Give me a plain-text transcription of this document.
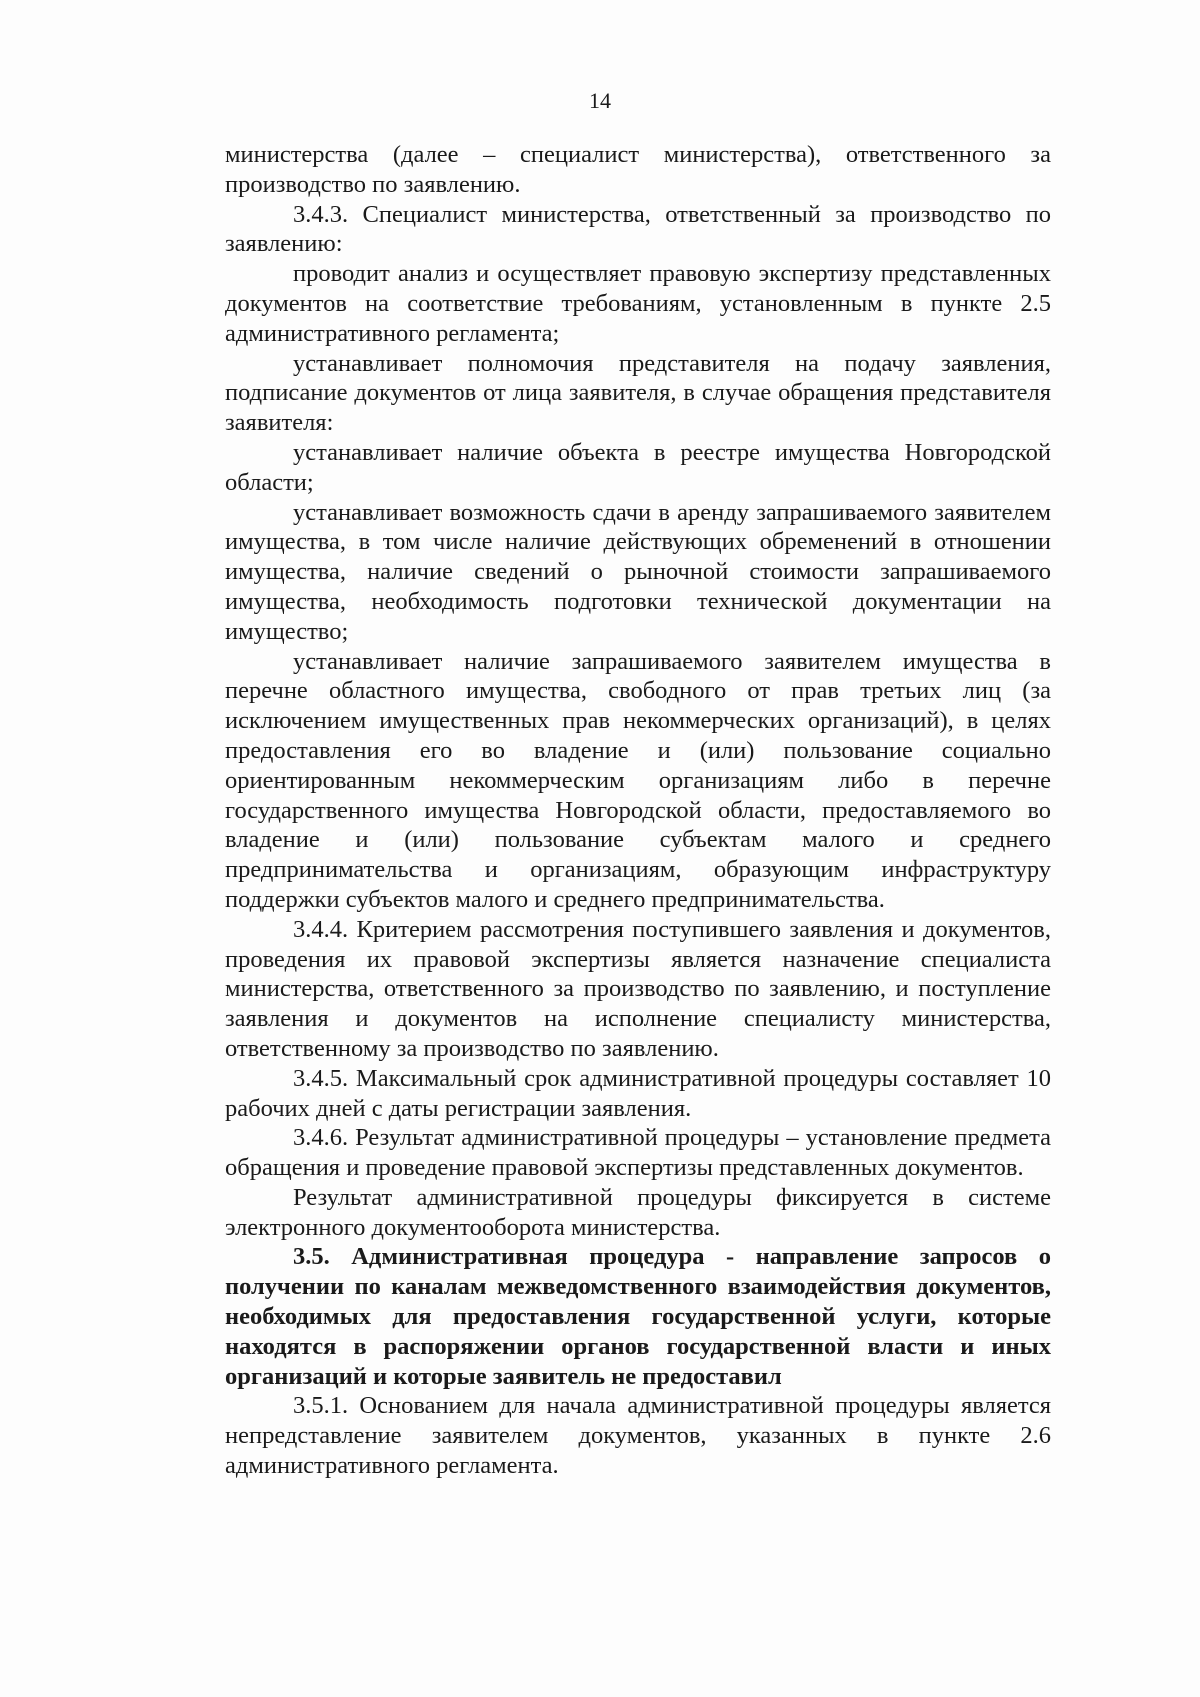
14

министерства (далее – специалист министерства), ответственного за производство по заявлению.

3.4.3. Специалист министерства, ответственный за производство по заявлению:

проводит анализ и осуществляет правовую экспертизу представленных документов на соответствие требованиям, установленным в пункте 2.5 административного регламента;

устанавливает полномочия представителя на подачу заявления, подписание документов от лица заявителя, в случае обращения представителя заявителя:

устанавливает наличие объекта в реестре имущества Новгородской области;

устанавливает возможность сдачи в аренду запрашиваемого заявителем имущества, в том числе наличие действующих обременений в отношении имущества, наличие сведений о рыночной стоимости запрашиваемого имущества, необходимость подготовки технической документации на имущество;

устанавливает наличие запрашиваемого заявителем имущества в перечне областного имущества, свободного от прав третьих лиц (за исключением имущественных прав некоммерческих организаций), в целях предоставления его во владение и (или) пользование социально ориентированным некоммерческим организациям либо в перечне государственного имущества Новгородской области, предоставляемого во владение и (или) пользование субъектам малого и среднего предпринимательства и организациям, образующим инфраструктуру поддержки субъектов малого и среднего предпринимательства.

3.4.4. Критерием рассмотрения поступившего заявления и документов, проведения их правовой экспертизы является назначение специалиста министерства, ответственного за производство по заявлению, и поступление заявления и документов на исполнение специалисту министерства, ответственному за производство по заявлению.

3.4.5. Максимальный срок административной процедуры составляет 10 рабочих дней с даты регистрации заявления.

3.4.6. Результат административной процедуры – установление предмета обращения и проведение правовой экспертизы представленных документов.

Результат административной процедуры фиксируется в системе электронного документооборота министерства.

3.5. Административная процедура - направление запросов о получении по каналам межведомственного взаимодействия документов, необходимых для предоставления государственной услуги, которые находятся в распоряжении органов государственной власти и иных организаций и которые заявитель не предоставил

3.5.1. Основанием для начала административной процедуры является непредставление заявителем документов, указанных в пункте 2.6 административного регламента.
